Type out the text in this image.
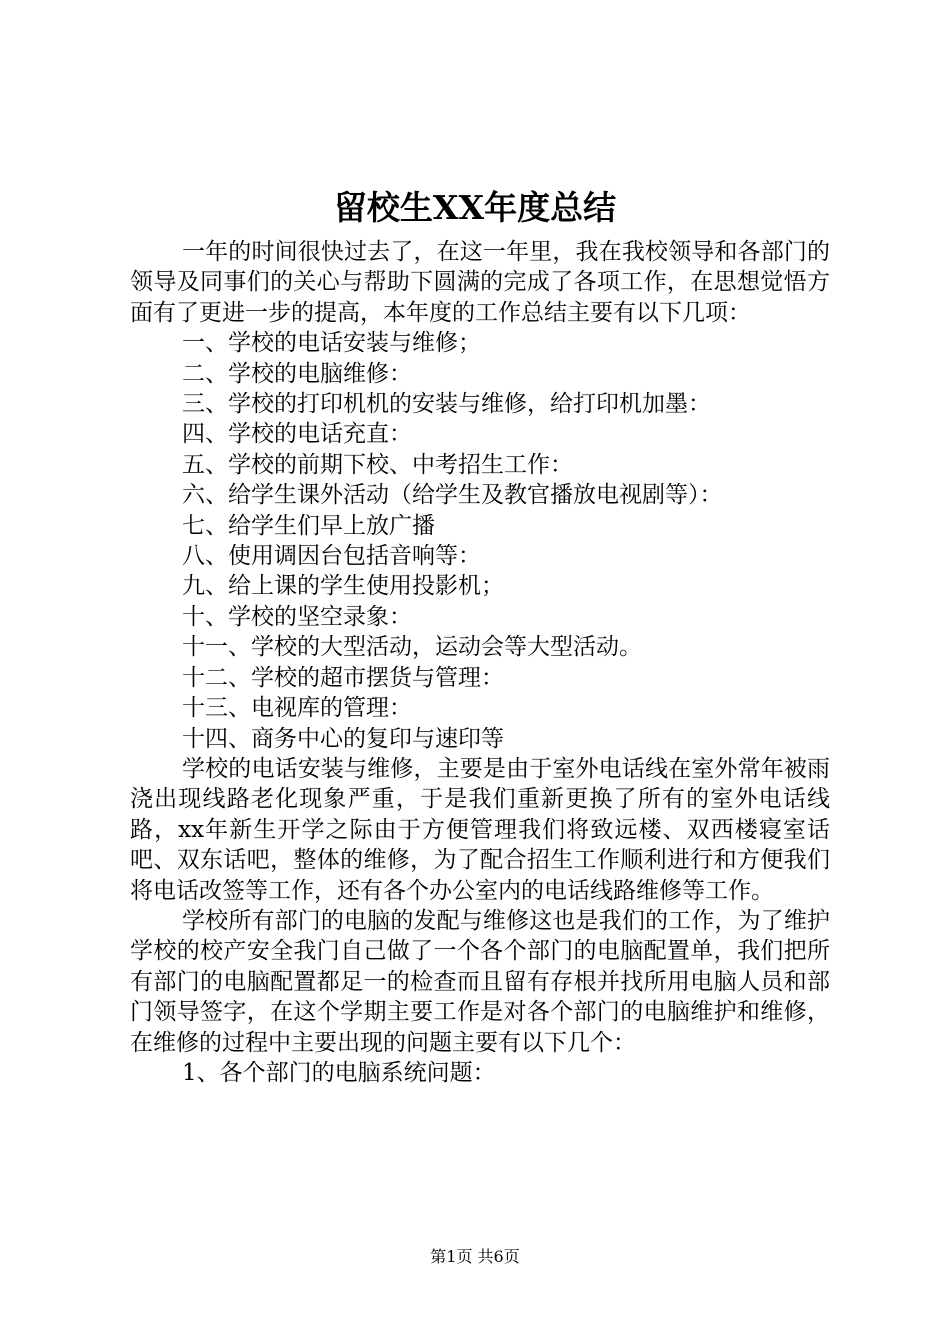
留校生XX年度总结

一年的时间很快过去了，在这一年里，我在我校领导和各部门的领导及同事们的关心与帮助下圆满的完成了各项工作，在思想觉悟方面有了更进一步的提高，本年度的工作总结主要有以下几项：

一、学校的电话安装与维修；

二、学校的电脑维修：

三、学校的打印机机的安装与维修，给打印机加墨：

四、学校的电话充直：

五、学校的前期下校、中考招生工作：

六、给学生课外活动（给学生及教官播放电视剧等）：

七、给学生们早上放广播

八、使用调因台包括音响等：

九、给上课的学生使用投影机；

十、学校的坚空录象：

十一、学校的大型活动，运动会等大型活动。

十二、学校的超市摆货与管理：

十三、电视库的管理：

十四、商务中心的复印与速印等

学校的电话安装与维修，主要是由于室外电话线在室外常年被雨浇出现线路老化现象严重，于是我们重新更换了所有的室外电话线路，xx年新生开学之际由于方便管理我们将致远楼、双西楼寝室话吧、双东话吧，整体的维修，为了配合招生工作顺利进行和方便我们将电话改签等工作，还有各个办公室内的电话线路维修等工作。

学校所有部门的电脑的发配与维修这也是我们的工作，为了维护学校的校产安全我门自己做了一个各个部门的电脑配置单，我们把所有部门的电脑配置都足一的检查而且留有存根并找所用电脑人员和部门领导签字，在这个学期主要工作是对各个部门的电脑维护和维修，在维修的过程中主要出现的问题主要有以下几个：

1、各个部门的电脑系统问题：

第1页 共6页
